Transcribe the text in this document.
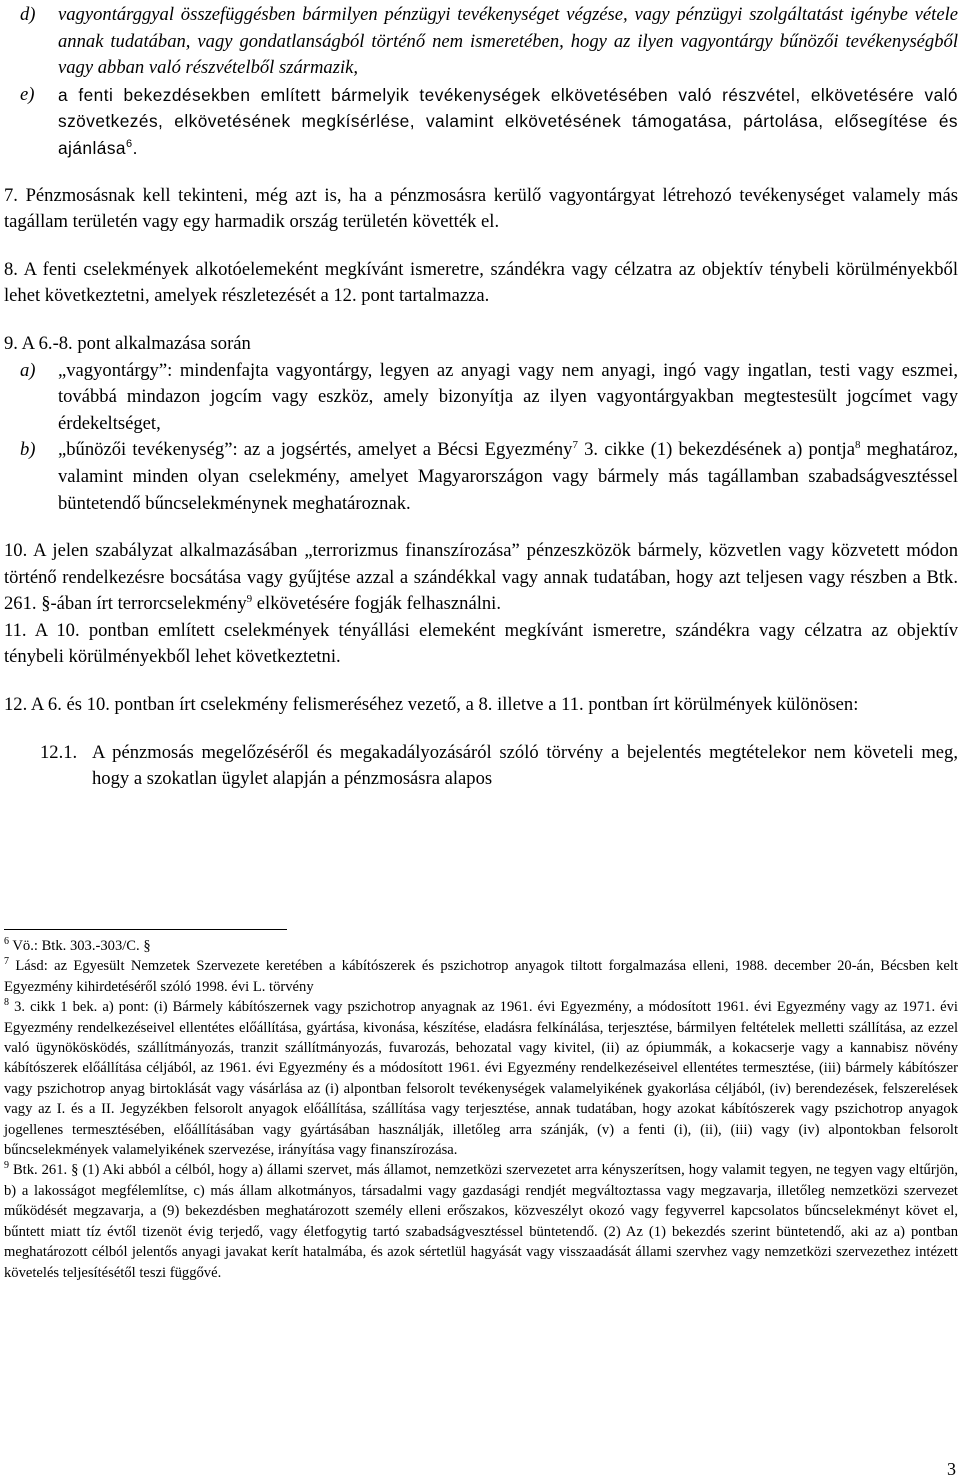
d) vagyontárggyal összefüggésben bármilyen pénzügyi tevékenységet végzése, vagy pénzügyi szolgáltatást igénybe vétele annak tudatában, vagy gondatlanságból történő nem ismeretében, hogy az ilyen vagyontárgy bűnözői tevékenységből vagy abban való részvételből származik,
e) a fenti bekezdésekben említett bármelyik tevékenységek elkövetésében való részvétel, elkövetésére való szövetkezés, elkövetésének megkísérlése, valamint elkövetésének támogatása, pártolása, elősegítése és ajánlása$^6$.

7. Pénzmosásnak kell tekinteni, még azt is, ha a pénzmosásra kerülő vagyontárgyat létrehozó tevékenységet valamely más tagállam területén vagy egy harmadik ország területén követték el.

8. A fenti cselekmények alkotóelemeként megkívánt ismeretre, szándékra vagy célzatra az objektív ténybeli körülményekből lehet következtetni, amelyek részletezését a 12. pont tartalmazza.

9. A 6.-8. pont alkalmazása során

a) „vagyontárgy”: mindenfajta vagyontárgy, legyen az anyagi vagy nem anyagi, ingó vagy ingatlan, testi vagy eszmei, továbbá mindazon jogcím vagy eszköz, amely bizonyítja az ilyen vagyontárgyakban megtestesült jogcímet vagy érdekeltséget,
b) „bűnözői tevékenység”: az a jogsértés, amelyet a Bécsi Egyezmény$^7$ 3. cikke (1) bekezdésének a) pontja$^8$ meghatároz, valamint minden olyan cselekmény, amelyet Magyarországon vagy bármely más tagállamban szabadságvesztéssel büntetendő bűncselekménynek meghatároznak.

10. A jelen szabályzat alkalmazásában „terrorizmus finanszírozása” pénzeszközök bármely, közvetlen vagy közvetett módon történő rendelkezésre bocsátása vagy gyűjtése azzal a szándékkal vagy annak tudatában, hogy azt teljesen vagy részben a Btk. 261. §-ában írt terrorcselekmény$^9$ elkövetésére fogják felhasználni.

11. A 10. pontban említett cselekmények tényállási elemeként megkívánt ismeretre, szándékra vagy célzatra az objektív ténybeli körülményekből lehet következtetni.

12. A 6. és 10. pontban írt cselekmény felismeréséhez vezető, a 8. illetve a 11. pontban írt körülmények különösen:

12.1. A pénzmosás megelőzéséről és megakadályozásáról szóló törvény a bejelentés megtételekor nem követeli meg, hogy a szokatlan ügylet alapján a pénzmosásra alapos

$^6$ Vö.: Btk. 303.-303/C. §

$^7$ Lásd: az Egyesült Nemzetek Szervezete keretében a kábítószerek és pszichotrop anyagok tiltott forgalmazása elleni, 1988. december 20-án, Bécsben kelt Egyezmény kihirdetéséről szóló 1998. évi L. törvény

$^8$ 3. cikk 1 bek. a) pont: (i) Bármely kábítószernek vagy pszichotrop anyagnak az 1961. évi Egyezmény, a módosított 1961. évi Egyezmény vagy az 1971. évi Egyezmény rendelkezéseivel ellentétes előállítása, gyártása, kivonása, készítése, eladásra felkínálása, terjesztése, bármilyen feltételek melletti szállítása, az ezzel való ügynökösködés, szállítmányozás, tranzit szállítmányozás, fuvarozás, behozatal vagy kivitel, (ii) az ópiummák, a kokacserje vagy a kannabisz növény kábítószerek előállítása céljából, az 1961. évi Egyezmény és a módosított 1961. évi Egyezmény rendelkezéseivel ellentétes termesztése, (iii) bármely kábítószer vagy pszichotrop anyag birtoklását vagy vásárlása az (i) alpontban felsorolt tevékenységek valamelyikének gyakorlása céljából, (iv) berendezések, felszerelések vagy az I. és a II. Jegyzékben felsorolt anyagok előállítása, szállítása vagy terjesztése, annak tudatában, hogy azokat kábítószerek vagy pszichotrop anyagok jogellenes termesztésében, előállításában vagy gyártásában használják, illetőleg arra szánják, (v) a fenti (i), (ii), (iii) vagy (iv) alpontokban felsorolt bűncselekmények valamelyikének szervezése, irányítása vagy finanszírozása.

$^9$ Btk. 261. § (1) Aki abból a célból, hogy a) állami szervet, más államot, nemzetközi szervezetet arra kényszerítsen, hogy valamit tegyen, ne tegyen vagy eltűrjön, b) a lakosságot megfélemlítse, c) más állam alkotmányos, társadalmi vagy gazdasági rendjét megváltoztassa vagy megzavarja, illetőleg nemzetközi szervezet működését megzavarja, a (9) bekezdésben meghatározott személy elleni erőszakos, közveszélyt okozó vagy fegyverrel kapcsolatos bűncselekményt követ el, bűntett miatt tíz évtől tizenöt évig terjedő, vagy életfogytig tartó szabadságvesztéssel büntetendő. (2) Az (1) bekezdés szerint büntetendő, aki az a) pontban meghatározott célból jelentős anyagi javakat kerít hatalmába, és azok sértetlül hagyását vagy visszaadását állami szervhez vagy nemzetközi szervezethez intézett követelés teljesítésétől teszi függővé.

3
